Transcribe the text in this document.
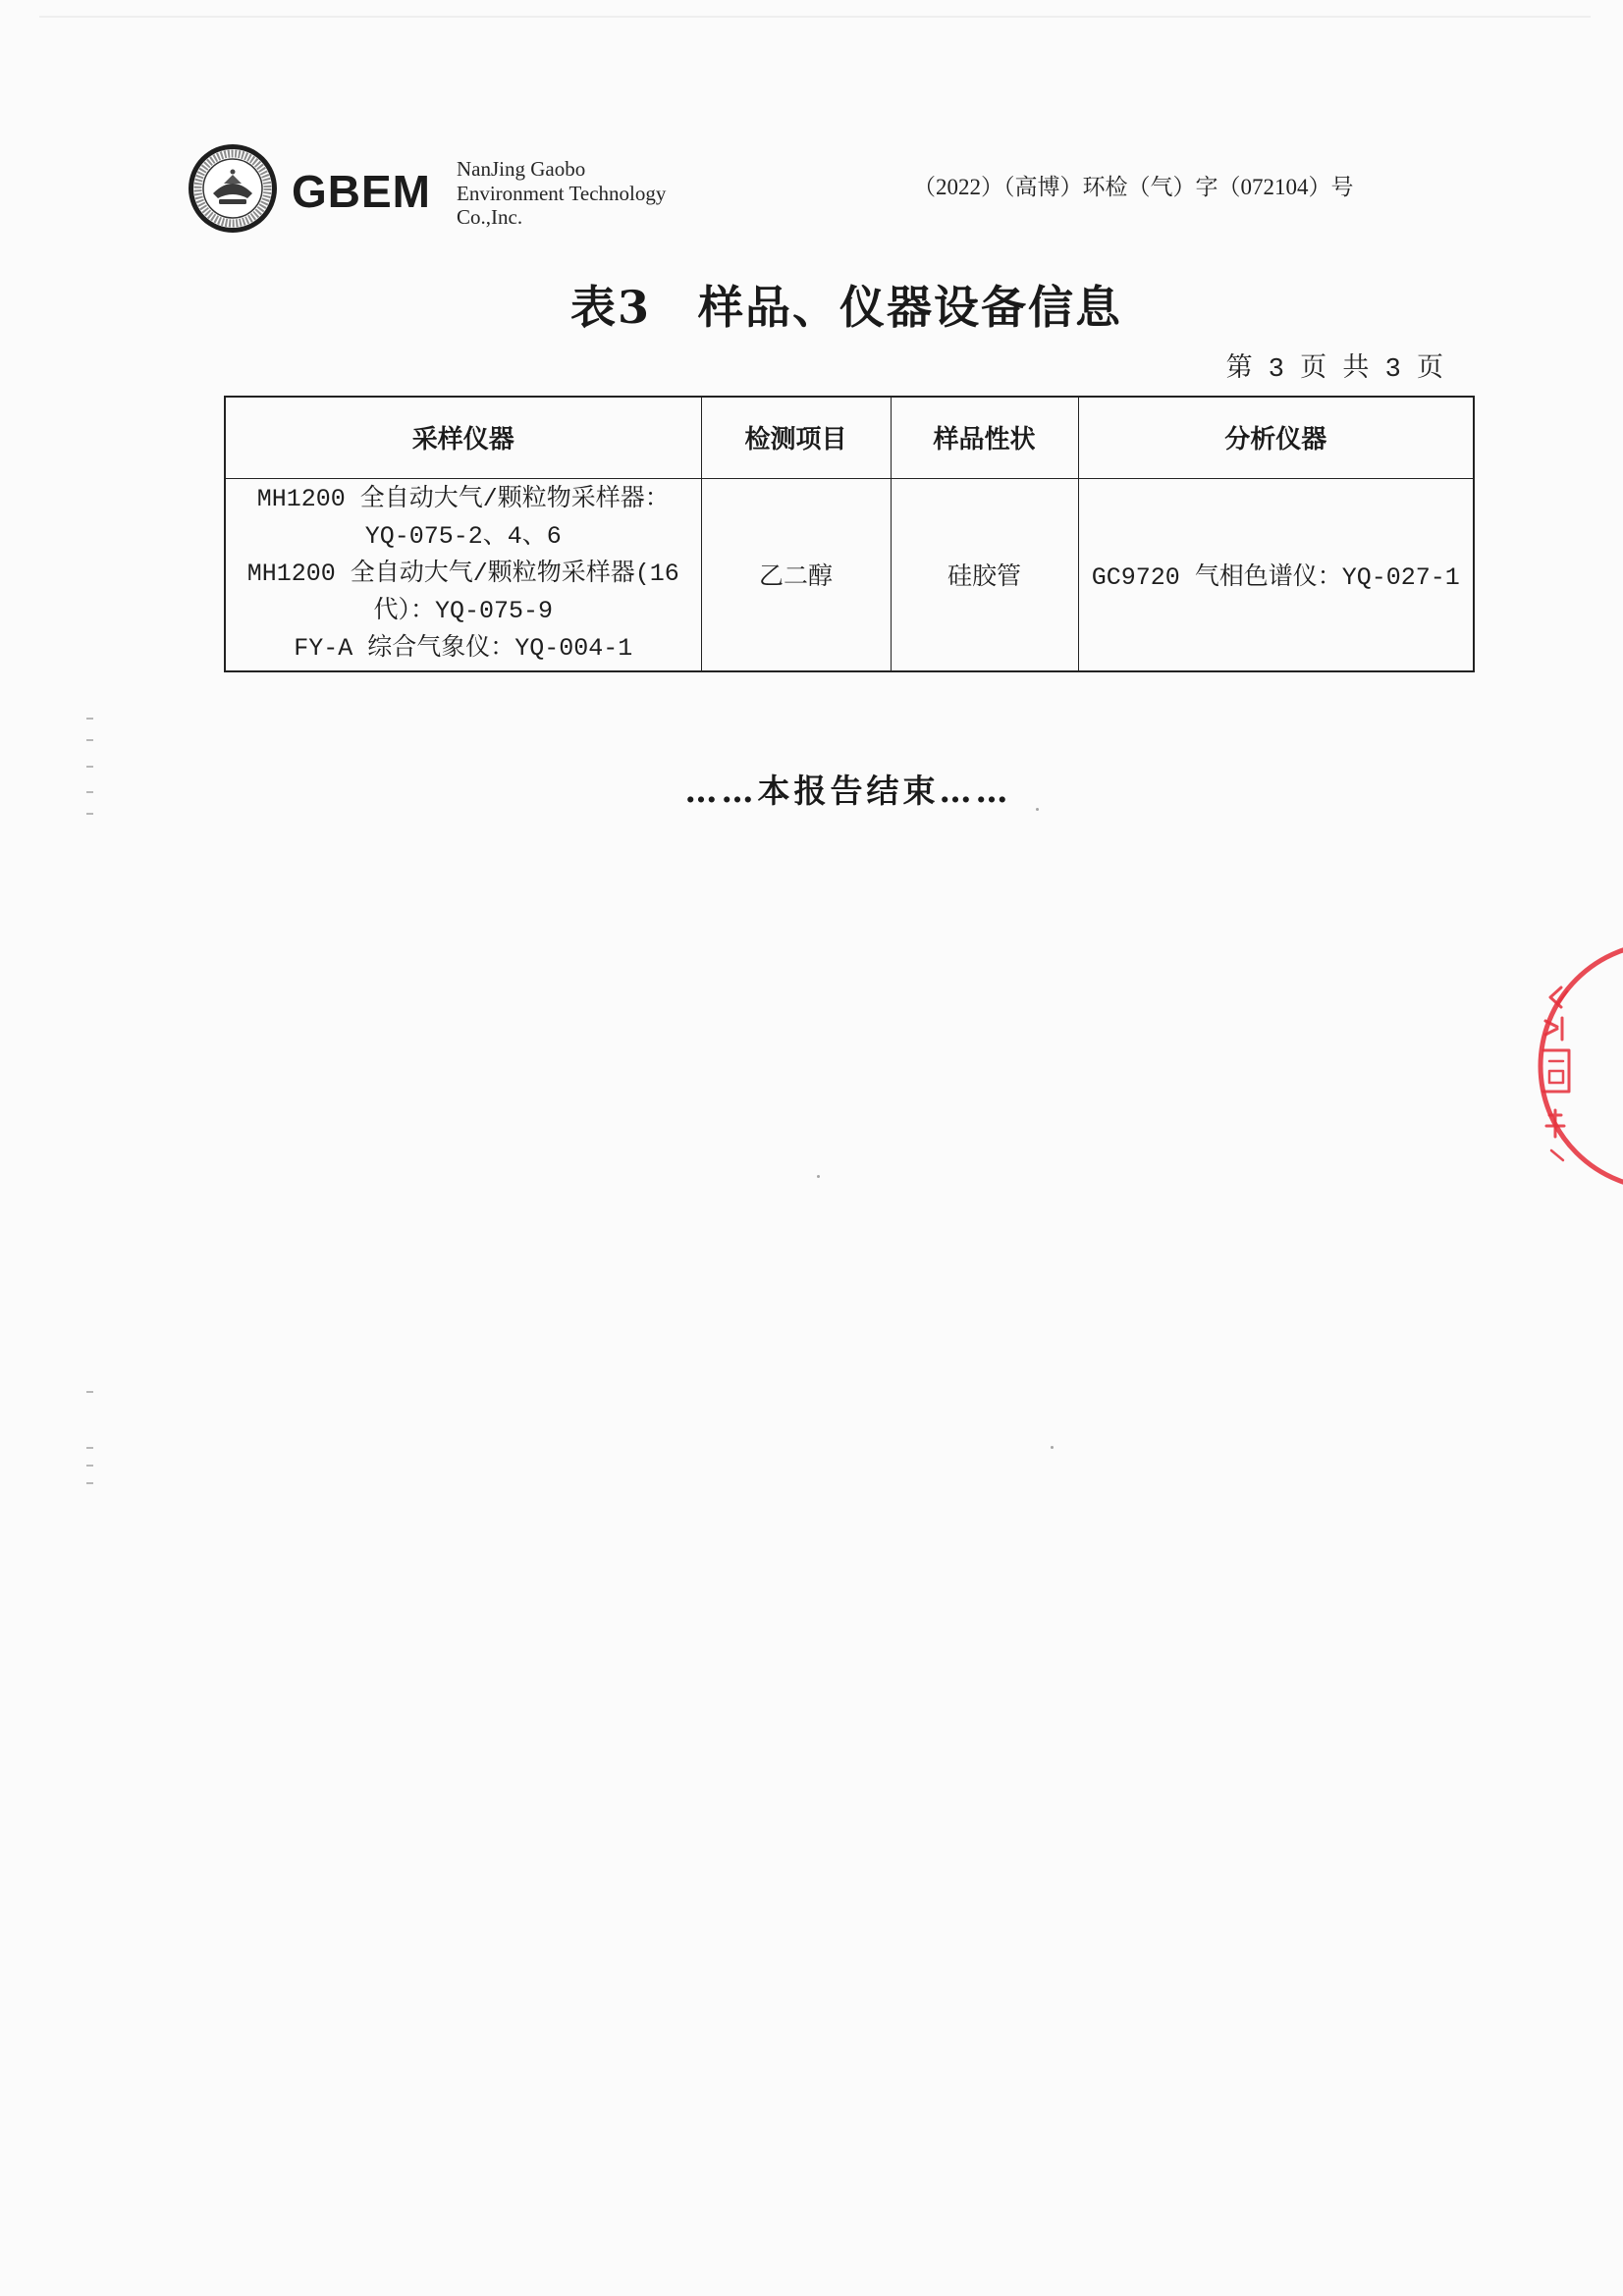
GBEM NanJing Gaobo
Environment Technology
Co.,Inc.
（2022）（高博）环检（气）字（072104）号
表3　样品、仪器设备信息
第 3 页 共 3 页
采样仪器	检测项目	样品性状	分析仪器

MH1200 全自动大气/颗粒物采样器：
YQ-075-2、4、6
MH1200 全自动大气/颗粒物采样器(16
代）：YQ-075-9
FY-A 综合气象仪：YQ-004-1	乙二醇	硅胶管	GC9720 气相色谱仪：YQ-027-1
……本报告结束……
